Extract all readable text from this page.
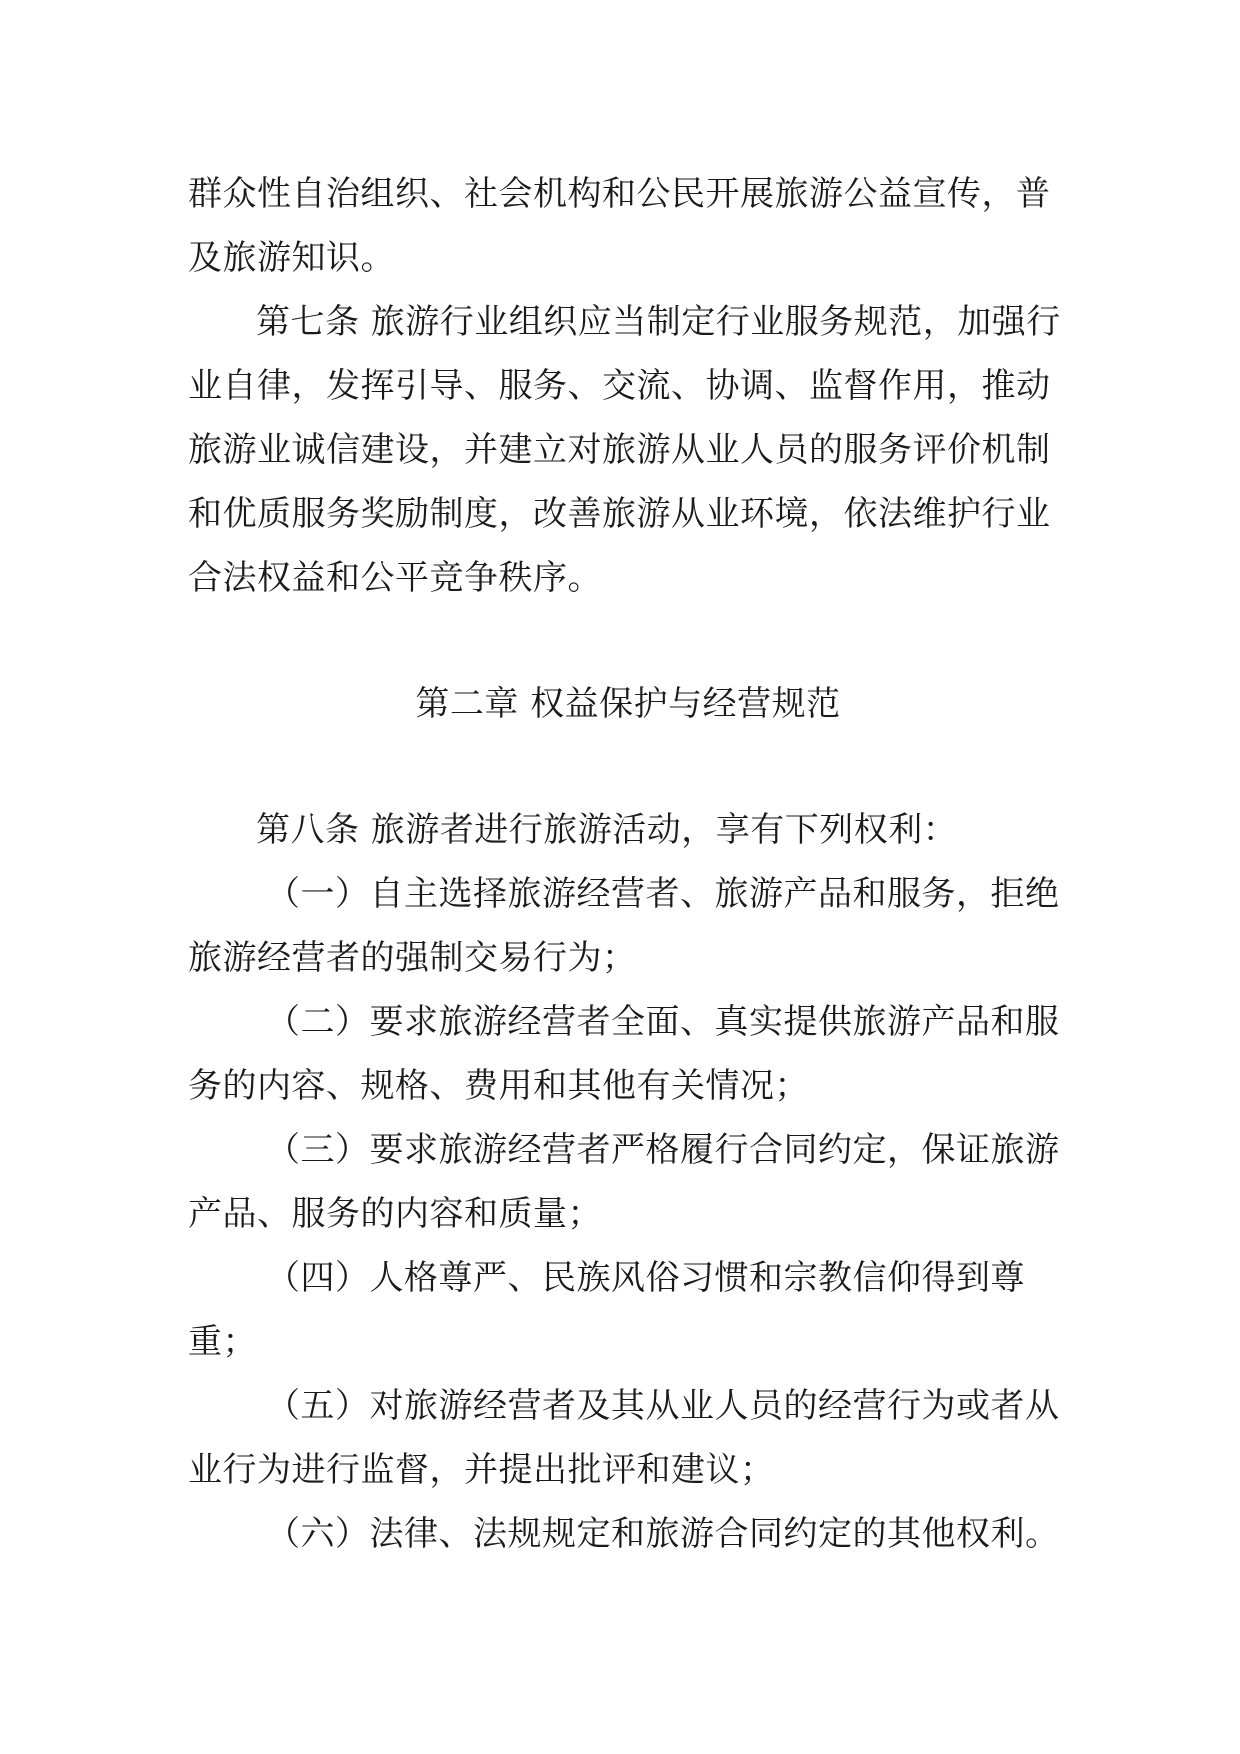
群众性自治组织、社会机构和公民开展旅游公益宣传，普
及旅游知识。
第七条 旅游行业组织应当制定行业服务规范，加强行
业自律，发挥引导、服务、交流、协调、监督作用，推动
旅游业诚信建设，并建立对旅游从业人员的服务评价机制
和优质服务奖励制度，改善旅游从业环境，依法维护行业
合法权益和公平竞争秩序。
第二章 权益保护与经营规范
第八条 旅游者进行旅游活动，享有下列权利：
（一）自主选择旅游经营者、旅游产品和服务，拒绝
旅游经营者的强制交易行为；
（二）要求旅游经营者全面、真实提供旅游产品和服
务的内容、规格、费用和其他有关情况；
（三）要求旅游经营者严格履行合同约定，保证旅游
产品、服务的内容和质量；
（四）人格尊严、民族风俗习惯和宗教信仰得到尊
重；
（五）对旅游经营者及其从业人员的经营行为或者从
业行为进行监督，并提出批评和建议；
（六）法律、法规规定和旅游合同约定的其他权利。
